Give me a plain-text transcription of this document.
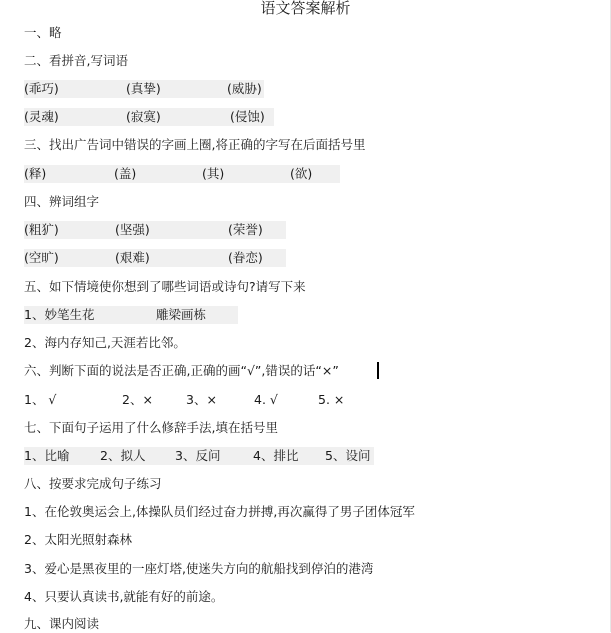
语文答案解析
一、略
二、看拼音,写词语
(乖巧)	(真挚)	(威胁)
(灵魂)	(寂寞)	(侵蚀)
三、找出广告词中错误的字画上圈,将正确的字写在后面括号里
(释)	(盖)	(其)	(欲)
四、辨词组字
(粗犷)	(坚强)	(荣誉)
(空旷)	(艰难)	(眷恋)
五、如下情境使你想到了哪些词语或诗句?请写下来
1、妙笔生花	雕梁画栋
2、海内存知己,天涯若比邻。
六、判断下面的说法是否正确,正确的画“√”,错误的话“×”
1、 √	2、×	3、×	4. √	5. ×
七、下面句子运用了什么修辞手法,填在括号里
1、比喻 2、拟人 3、反问	4、排比 5、设问
八、按要求完成句子练习
1、在伦敦奥运会上,体操队员们经过奋力拼搏,再次赢得了男子团体冠军
2、太阳光照射森林
3、爱心是黑夜里的一座灯塔,使迷失方向的航船找到停泊的港湾
4、只要认真读书,就能有好的前途。
九、课内阅读
